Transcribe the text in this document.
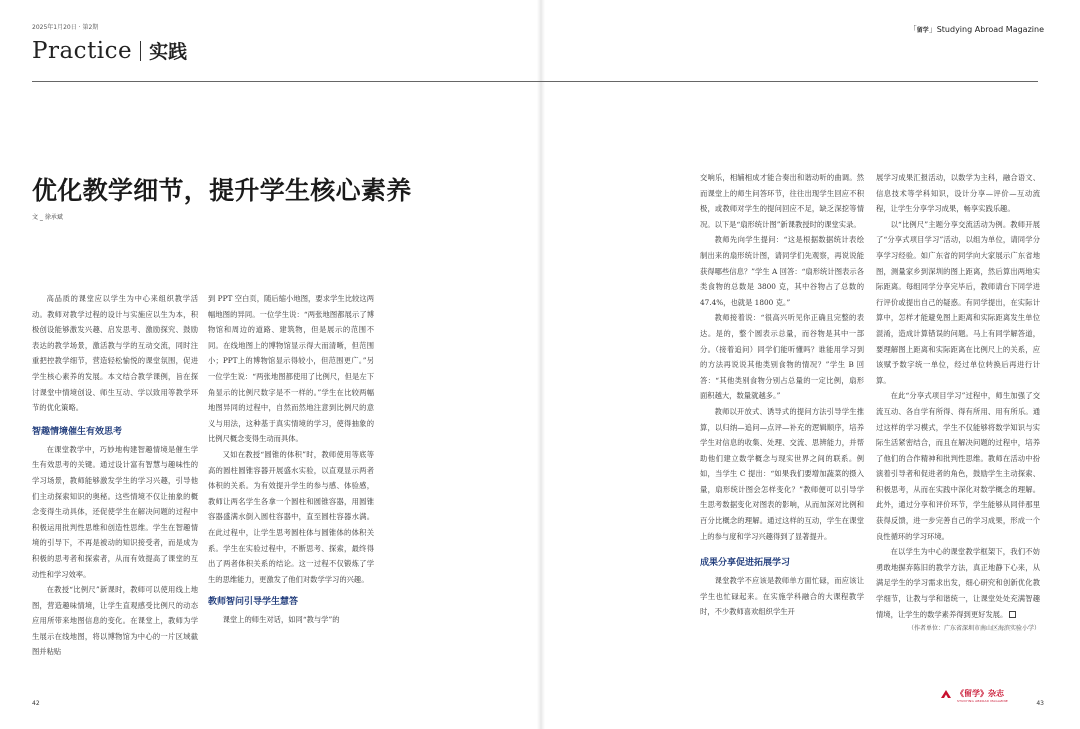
2025年1月20日 · 第2期	「留学」Studying Abroad Magazine
Practice 实践
优化教学细节，提升学生核心素养
文 _ 徐承斌

高品质的课堂应以学生为中心来组织教学活动。教师对教学过程的设计与实施应以生为本，积极创设能够激发兴趣、启发思考、激励探究、鼓励表达的教学场景，激活教与学的互动交流，同时注重把控教学细节，营造轻松愉悦的课堂氛围，促进学生核心素养的发展。本文结合教学课例，旨在探讨课堂中情境创设、师生互动、学以致用等教学环节的优化策略。

智趣情境催生有效思考

在课堂教学中，巧妙地构建智趣情境是催生学生有效思考的关键。通过设计富有智慧与趣味性的学习场景，教师能够激发学生的学习兴趣，引导他们主动探索知识的奥秘。这些情境不仅让抽象的概念变得生动具体，还促使学生在解决问题的过程中积极运用批判性思维和创造性思维。学生在智趣情境的引导下，不再是被动的知识接受者，而是成为积极的思考者和探索者，从而有效提高了课堂的互动性和学习效率。

在教授“比例尺”新课时，教师可以使用线上地图，营造趣味情境，让学生直观感受比例尺的动态应用所带来地图信息的变化。在课堂上，教师为学生展示在线地图，将以博物馆为中心的一片区域截图并粘贴

到 PPT 空白页，随后缩小地图，要求学生比较这两幅地图的异同。一位学生说：“两张地图都展示了博物馆和周边的道路、建筑物，但是展示的范围不同。在线地图上的博物馆显示得大而清晰，但范围小；PPT上的博物馆显示得较小，但范围更广。”另一位学生说：“两张地图都使用了比例尺，但是左下角显示的比例尺数字是不一样的。”学生在比较两幅地图异同的过程中，自然而然地注意到比例尺的意义与用法，这种基于真实情境的学习，使得抽象的比例尺概念变得生动而具体。

又如在教授“圆锥的体积”时，教师使用等底等高的圆柱圆锥容器开展盛水实验，以直观显示两者体积的关系。为有效提升学生的参与感、体验感，教师让两名学生各拿一个圆柱和圆锥容器，用圆锥容器盛满水倒入圆柱容器中，直至圆柱容器水满。在此过程中，让学生思考圆柱体与圆锥体的体积关系。学生在实验过程中，不断思考、探索，最终得出了两者体积关系的结论。这一过程不仅锻炼了学生的思维能力，更激发了他们对数学学习的兴趣。

教师智问引导学生慧答

课堂上的师生对话，如同“教与学”的

交响乐，相辅相成才能合奏出和谐动听的曲调。然而课堂上的师生问答环节，往往出现学生回应不积极，或教师对学生的提问回应不足，缺乏深挖等情况。以下是“扇形统计图”新课教授时的课堂实录。

教师先向学生提问：“这是根据数据统计表绘制出来的扇形统计图，请同学们先观察，再说说能获得哪些信息？”学生 A 回答：“扇形统计图表示各类食物的总数是 3800 克，其中谷物占了总数的 47.4%，也就是 1800 克。”

教师接着说：“很高兴听见你正确且完整的表达。是的，整个圆表示总量，而谷物是其中一部分。（接着追问）同学们能听懂吗？谁能用学习到的方法再说说其他类别食物的情况？”学生 B 回答：“其他类别食物分别占总量的一定比例，扇形面积越大，数量就越多。”

教师以开放式、诱导式的提问方法引导学生推算，以归纳—追问—点评—补充的逻辑顺序，培养学生对信息的收集、处理、交流、思辨能力，并帮助他们建立数学概念与现实世界之间的联系。例如，当学生 C 提出：“如果我们要增加蔬菜的摄入量，扇形统计图会怎样变化？”教师便可以引导学生思考数据变化对图表的影响，从而加深对比例和百分比概念的理解。通过这样的互动，学生在课堂上的参与度和学习兴趣得到了显著提升。

成果分享促进拓展学习

课堂教学不应该是教师单方面忙碌，而应该让学生也忙碌起来。在实施学科融合的大课程教学时，不少教师喜欢组织学生开

展学习成果汇报活动，以数学为主科，融合语文、信息技术等学科知识，设计分享—评价—互动流程，让学生分享学习成果，畅享实践乐趣。

以“比例尺”主题分享交流活动为例。教师开展了“分享式项目学习”活动，以组为单位，请同学分享学习经验。如广东省的同学向大家展示广东省地图，测量家乡到深圳的图上距离，然后算出两地实际距离。每组同学分享完毕后，教师请台下同学进行评价或提出自己的疑惑。有同学提出，在实际计算中，怎样才能避免图上距离和实际距离发生单位混淆，造成计算错误的问题。马上有同学解答道，要理解图上距离和实际距离在比例尺上的关系，应该赋予数字统一单位，经过单位转换后再进行计算。

在此“分享式项目学习”过程中，师生加强了交流互动、各自学有所得、得有所用、用有所乐。通过这样的学习模式，学生不仅能够将数学知识与实际生活紧密结合，而且在解决问题的过程中，培养了他们的合作精神和批判性思维。教师在活动中扮演着引导者和促进者的角色，鼓励学生主动探索、积极思考，从而在实践中深化对数学概念的理解。此外，通过分享和评价环节，学生能够从同伴那里获得反馈，进一步完善自己的学习成果，形成一个良性循环的学习环境。

在以学生为中心的课堂教学框架下，我们不妨勇敢地摒弃陈旧的教学方法，真正地静下心来，从满足学生的学习需求出发，细心研究和创新优化教学细节，让教与学和谐统一，让课堂处处充满智趣情境，让学生的数学素养得到更好发展。

（作者单位：广东省深圳市南山区海滨实验小学）
42	43
《留学》杂志
STUDYING ABROAD MAGAZINE
